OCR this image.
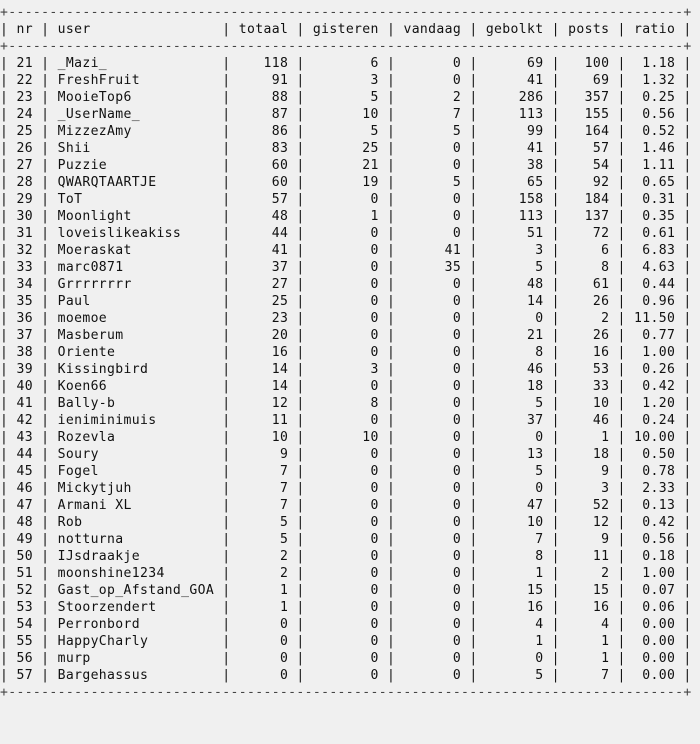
+----------------------------------------------------------------------------------+
| nr | user                | totaal | gisteren | vandaag | gebolkt | posts | ratio |
+----------------------------------------------------------------------------------+
| 21 | _Mazi_              |    118 |        6 |       0 |      69 |   100 |  1.18 |
| 22 | FreshFruit          |     91 |        3 |       0 |      41 |    69 |  1.32 |
| 23 | MooieTop6           |     88 |        5 |       2 |     286 |   357 |  0.25 |
| 24 | _UserName_          |     87 |       10 |       7 |     113 |   155 |  0.56 |
| 25 | MizzezAmy           |     86 |        5 |       5 |      99 |   164 |  0.52 |
| 26 | Shii                |     83 |       25 |       0 |      41 |    57 |  1.46 |
| 27 | Puzzie              |     60 |       21 |       0 |      38 |    54 |  1.11 |
| 28 | QWARQTAARTJE        |     60 |       19 |       5 |      65 |    92 |  0.65 |
| 29 | ToT                 |     57 |        0 |       0 |     158 |   184 |  0.31 |
| 30 | Moonlight           |     48 |        1 |       0 |     113 |   137 |  0.35 |
| 31 | loveislikeakiss     |     44 |        0 |       0 |      51 |    72 |  0.61 |
| 32 | Moeraskat           |     41 |        0 |      41 |       3 |     6 |  6.83 |
| 33 | marc0871            |     37 |        0 |      35 |       5 |     8 |  4.63 |
| 34 | Grrrrrrrr           |     27 |        0 |       0 |      48 |    61 |  0.44 |
| 35 | Paul                |     25 |        0 |       0 |      14 |    26 |  0.96 |
| 36 | moemoe              |     23 |        0 |       0 |       0 |     2 | 11.50 |
| 37 | Masberum            |     20 |        0 |       0 |      21 |    26 |  0.77 |
| 38 | Oriente             |     16 |        0 |       0 |       8 |    16 |  1.00 |
| 39 | Kissingbird         |     14 |        3 |       0 |      46 |    53 |  0.26 |
| 40 | Koen66              |     14 |        0 |       0 |      18 |    33 |  0.42 |
| 41 | Bally-b             |     12 |        8 |       0 |       5 |    10 |  1.20 |
| 42 | ieniminimuis        |     11 |        0 |       0 |      37 |    46 |  0.24 |
| 43 | Rozevla             |     10 |       10 |       0 |       0 |     1 | 10.00 |
| 44 | Soury               |      9 |        0 |       0 |      13 |    18 |  0.50 |
| 45 | Fogel               |      7 |        0 |       0 |       5 |     9 |  0.78 |
| 46 | Mickytjuh           |      7 |        0 |       0 |       0 |     3 |  2.33 |
| 47 | Armani XL           |      7 |        0 |       0 |      47 |    52 |  0.13 |
| 48 | Rob                 |      5 |        0 |       0 |      10 |    12 |  0.42 |
| 49 | notturna            |      5 |        0 |       0 |       7 |     9 |  0.56 |
| 50 | IJsdraakje          |      2 |        0 |       0 |       8 |    11 |  0.18 |
| 51 | moonshine1234       |      2 |        0 |       0 |       1 |     2 |  1.00 |
| 52 | Gast_op_Afstand_GOA |      1 |        0 |       0 |      15 |    15 |  0.07 |
| 53 | Stoorzendert        |      1 |        0 |       0 |      16 |    16 |  0.06 |
| 54 | Perronbord          |      0 |        0 |       0 |       4 |     4 |  0.00 |
| 55 | HappyCharly         |      0 |        0 |       0 |       1 |     1 |  0.00 |
| 56 | murp                |      0 |        0 |       0 |       0 |     1 |  0.00 |
| 57 | Bargehassus         |      0 |        0 |       0 |       5 |     7 |  0.00 |
+----------------------------------------------------------------------------------+
